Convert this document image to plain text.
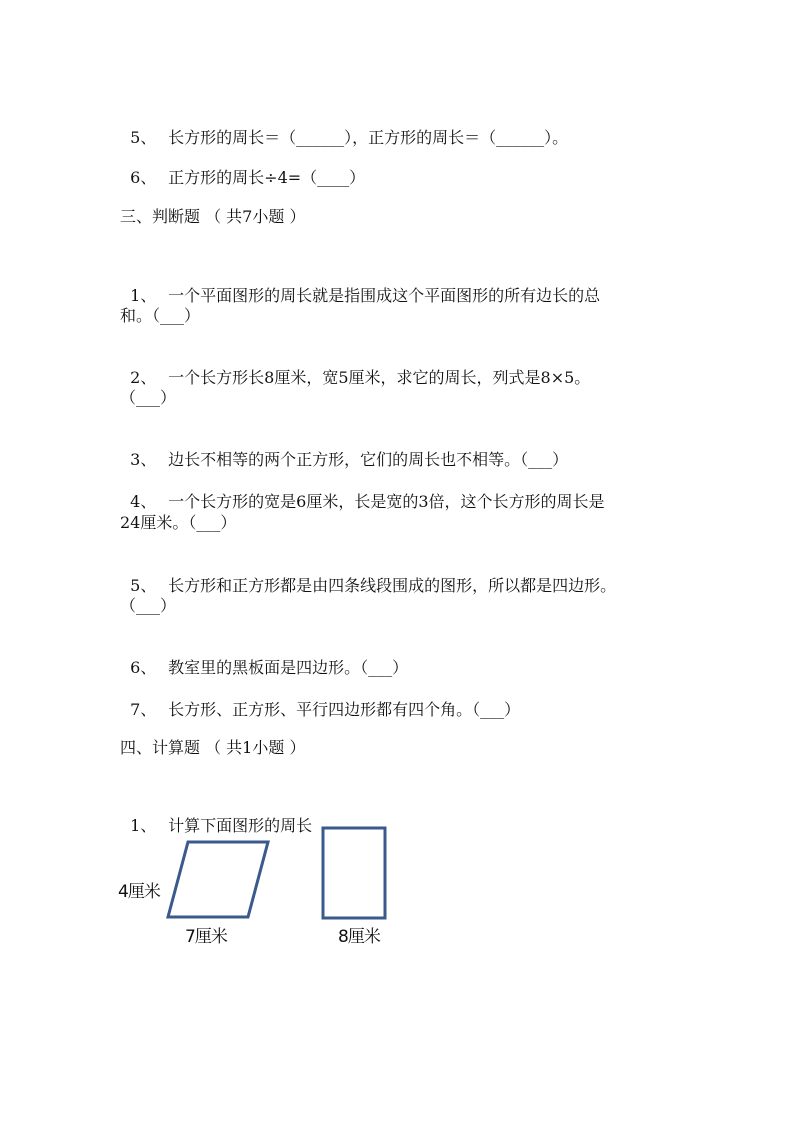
5、 长方形的周长＝（______），正方形的周长＝（______）。

6、 正方形的周长÷4=（____）

三、判断题 （ 共7小题 ）

1、 一个平面图形的周长就是指围成这个平面图形的所有边长的总

和。（___）

2、 一个长方形长8厘米，宽5厘米，求它的周长，列式是8×5。

（___）

3、 边长不相等的两个正方形，它们的周长也不相等。（___）

4、 一个长方形的宽是6厘米，长是宽的3倍，这个长方形的周长是

24厘米。（___）

5、 长方形和正方形都是由四条线段围成的图形，所以都是四边形。

（___）

6、 教室里的黑板面是四边形。（___）

7、 长方形、正方形、平行四边形都有四个角。（___）

四、计算题 （ 共1小题 ）

1、 计算下面图形的周长

4厘米
7厘米	8厘米
